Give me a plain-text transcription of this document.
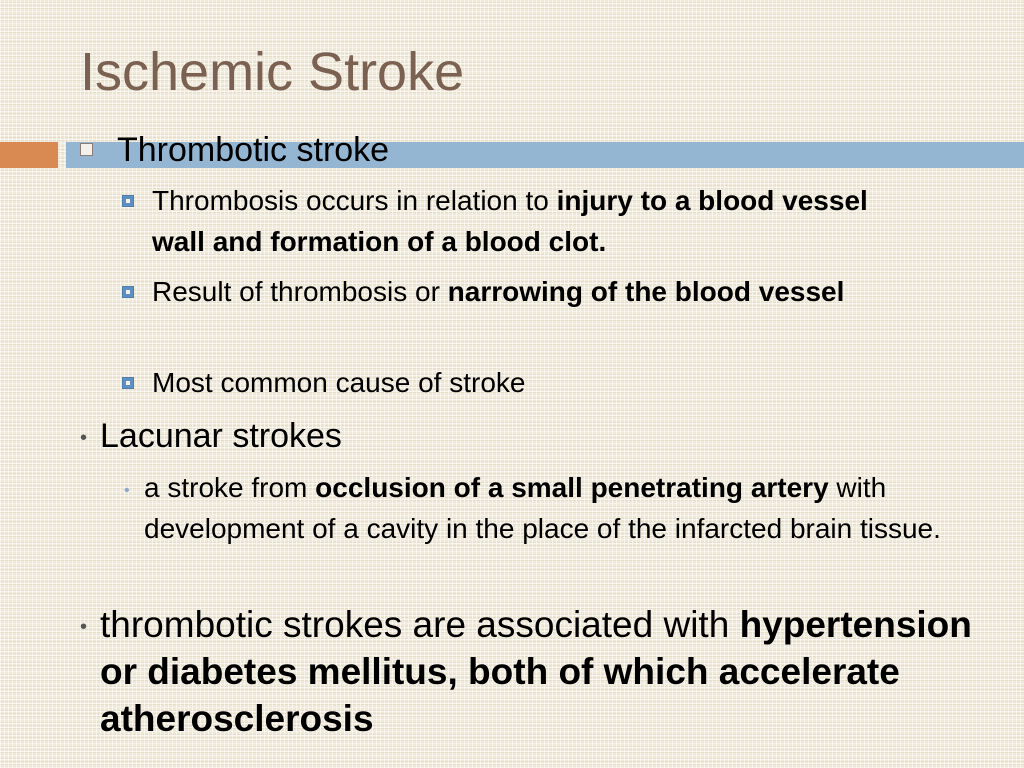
Ischemic Stroke
Thrombotic stroke
Thrombosis occurs in relation to injury to a blood vessel wall and formation of a blood clot.
Result of thrombosis or narrowing of the blood vessel
Most common cause of stroke
• Lacunar strokes
• a stroke from occlusion of a small penetrating artery with development of a cavity in the place of the infarcted brain tissue.
• thrombotic strokes are associated with hypertension or diabetes mellitus, both of which accelerate atherosclerosis
